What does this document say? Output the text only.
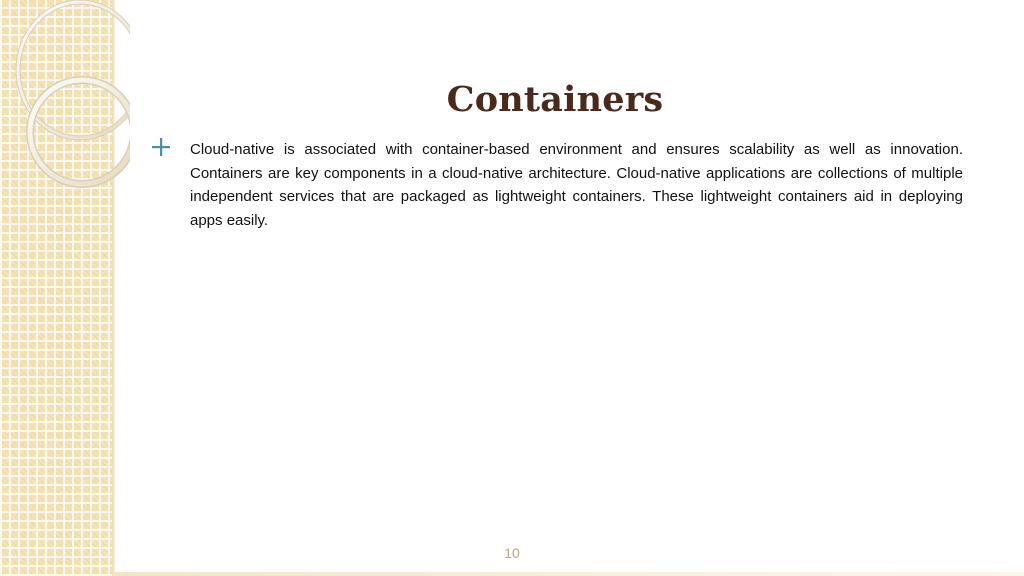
Containers
Cloud-native is associated with container-based environment and ensures scalability as well as innovation. Containers are key components in a cloud-native architecture. Cloud-native applications are collections of multiple independent services that are packaged as lightweight containers. These lightweight containers aid in deploying apps easily.
10
